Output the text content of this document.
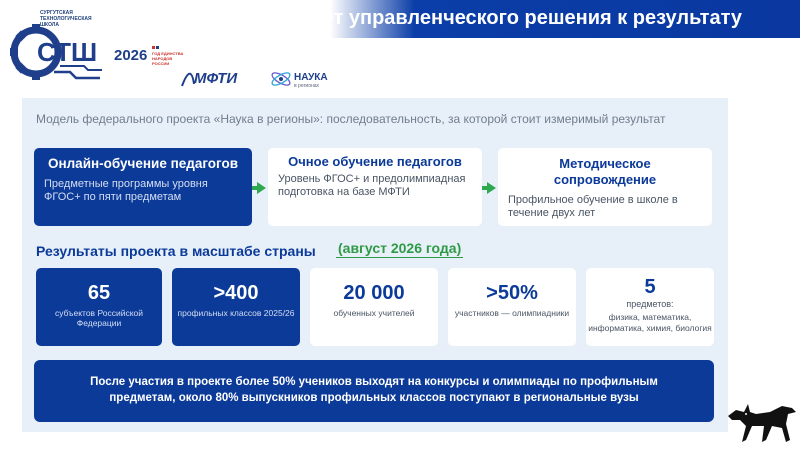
От управленческого решения к результату
СТШ
СУРГУТСКАЯ
ТЕХНОЛОГИЧЕСКАЯ
ШКОЛА
2026 ГОД ЕДИНСТВА
НАРОДОВ
РОССИИ
МФТИ	НАУКА
в регионах
Модель федерального проекта «Наука в регионы»: последовательность, за которой стоит измеримый результат
Онлайн-обучение педагогов
Предметные программы уровня ФГОС+ по пяти предметам
Очное обучение педагогов
Уровень ФГОС+ и предолимпиадная подготовка на базе МФТИ
Методическое сопровождение
Профильное обучение в школе в течение двух лет
Результаты проекта в масштабе страны (август 2026 года)
65
субъектов Российской Федерации
>400
профильных классов 2025/26
20 000
обученных учителей
>50%
участников — олимпиадники
5
предметов:
физика, математика, информатика, химия, биология
После участия в проекте более 50% учеников выходят на конкурсы и олимпиады по профильным предметам, около 80% выпускников профильных классов поступают в региональные вузы
